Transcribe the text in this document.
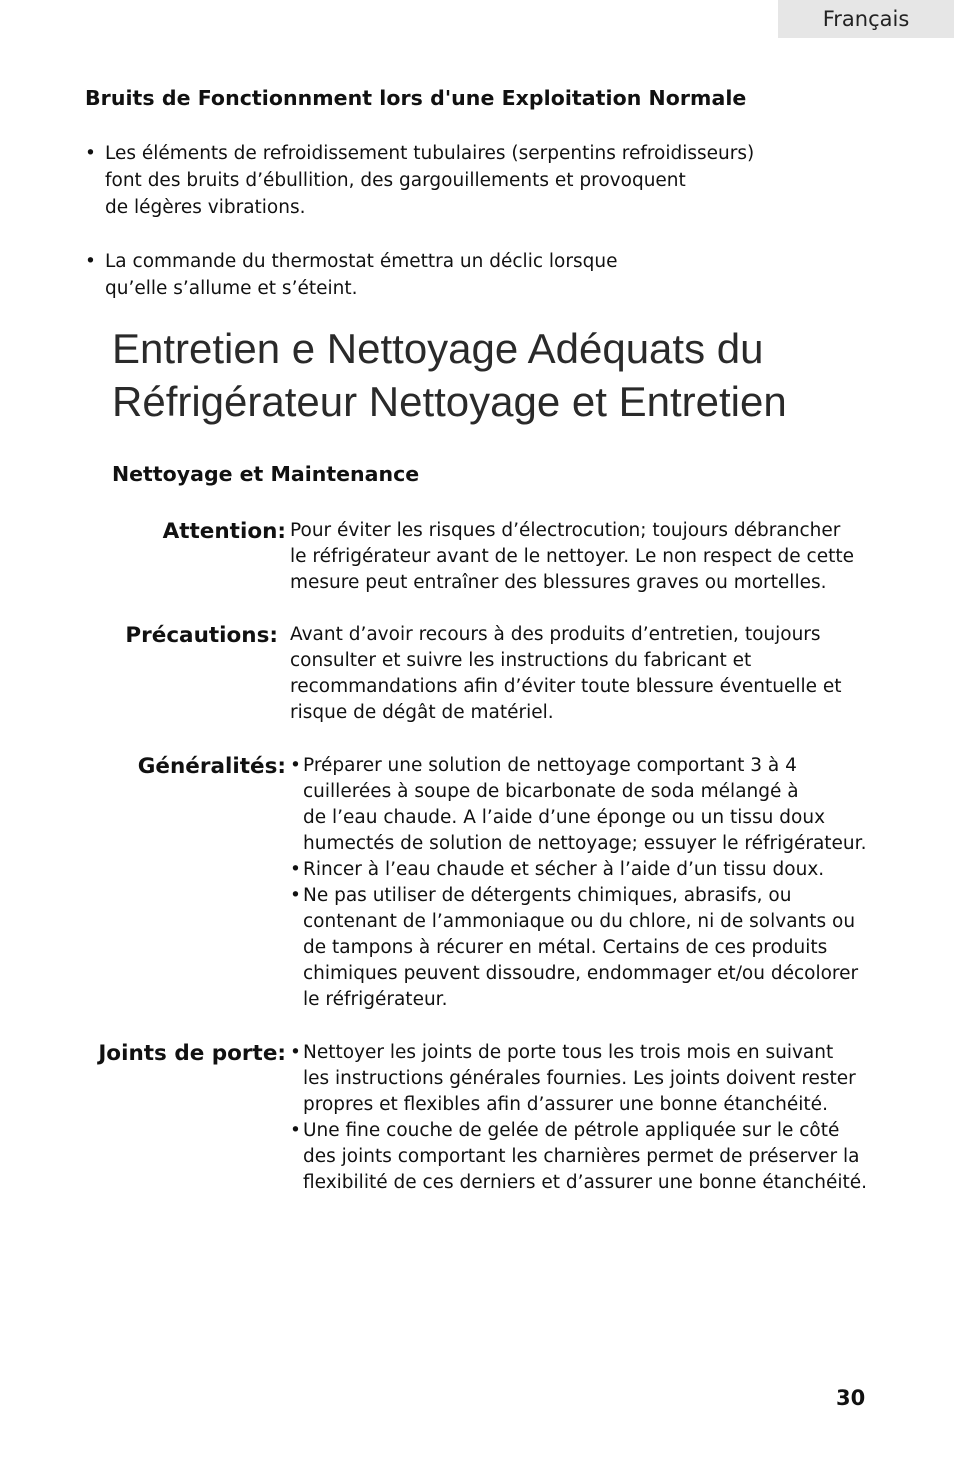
Français
Bruits de Fonctionnment lors d'une Exploitation Normale
• Les éléments de refroidissement tubulaires (serpentins refroidisseurs)
font des bruits d’ébullition, des gargouillements et provoquent
de légères vibrations.
• La commande du thermostat émettra un déclic lorsque
qu’elle s’allume et s’éteint.
Entretien e Nettoyage Adéquats du
Réfrigérateur Nettoyage et Entretien
Nettoyage et Maintenance
Attention: Pour éviter les risques d’électrocution; toujours débrancher
le réfrigérateur avant de le nettoyer. Le non respect de cette
mesure peut entraîner des blessures graves ou mortelles.
Précautions: Avant d’avoir recours à des produits d’entretien, toujours
consulter et suivre les instructions du fabricant et
recommandations afin d’éviter toute blessure éventuelle et
risque de dégât de matériel.
Généralités: • Préparer une solution de nettoyage comportant 3 à 4
cuillerées à soupe de bicarbonate de soda mélangé à
de l’eau chaude. A l’aide d’une éponge ou un tissu doux
humectés de solution de nettoyage; essuyer le réfrigérateur.
• Rincer à l’eau chaude et sécher à l’aide d’un tissu doux.
• Ne pas utiliser de détergents chimiques, abrasifs, ou
contenant de l’ammoniaque ou du chlore, ni de solvants ou
de tampons à récurer en métal. Certains de ces produits
chimiques peuvent dissoudre, endommager et/ou décolorer
le réfrigérateur.
Joints de porte: • Nettoyer les joints de porte tous les trois mois en suivant
les instructions générales fournies. Les joints doivent rester
propres et flexibles afin d’assurer une bonne étanchéité.
• Une fine couche de gelée de pétrole appliquée sur le côté
des joints comportant les charnières permet de préserver la
flexibilité de ces derniers et d’assurer une bonne étanchéité.
30
